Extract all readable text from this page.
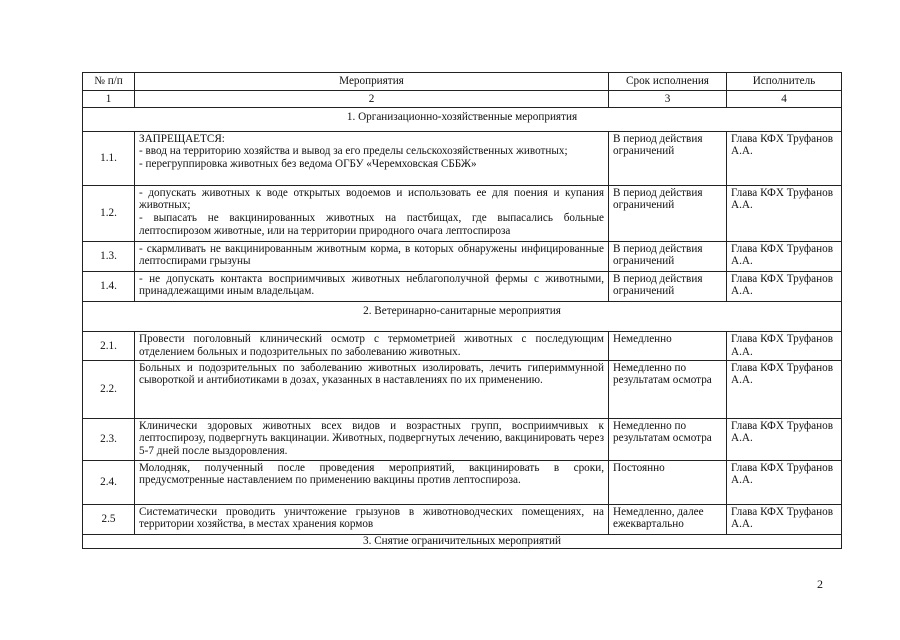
№ п/п	Мероприятия	Срок исполнения	Исполнитель
1	2	3	4
1. Организационно-хозяйственные мероприятия			
1.1.	ЗАПРЕЩАЕТСЯ:
- ввод на территорию хозяйства и вывод за его пределы сельскохозяйственных животных;
- перегруппировка животных без ведома ОГБУ «Черемховская СББЖ»	В период действия ограничений	Глава КФХ Труфанов А.А.
1.2.	- допускать животных к воде открытых водоемов и использовать ее для поения и купания животных;
- выпасать не вакцинированных животных на пастбищах, где выпасались больные лептоспирозом животные, или на территории природного очага лептоспироза	В период действия ограничений	Глава КФХ Труфанов А.А.
1.3.	- скармливать не вакцинированным животным корма, в которых обнаружены инфицированные лептоспирами грызуны	В период действия ограничений	Глава КФХ Труфанов А.А.
1.4.	- не допускать контакта восприимчивых животных неблагополучной фермы с животными, принадлежащими иным владельцам.	В период действия ограничений	Глава КФХ Труфанов А.А.
2. Ветеринарно-санитарные мероприятия			
2.1.	Провести поголовный клинический осмотр с термометрией животных с последующим отделением больных и подозрительных по заболеванию животных.	Немедленно	Глава КФХ Труфанов А.А.
2.2.	Больных и подозрительных по заболеванию животных изолировать, лечить гипериммунной сывороткой и антибиотиками в дозах, указанных в наставлениях по их применению.	Немедленно по результатам осмотра	Глава КФХ Труфанов А.А.
2.3.	Клинически здоровых животных всех видов и возрастных групп, восприимчивых к лептоспирозу, подвергнуть вакцинации. Животных, подвергнутых лечению, вакцинировать через 5-7 дней после выздоровления.	Немедленно по результатам осмотра	Глава КФХ Труфанов А.А.
2.4.	Молодняк, полученный после проведения мероприятий, вакцинировать в сроки, предусмотренные наставлением по применению вакцины против лептоспироза.	Постоянно	Глава КФХ Труфанов А.А.
2.5	Систематически проводить уничтожение грызунов в животноводческих помещениях, на территории хозяйства, в местах хранения кормов	Немедленно, далее ежеквартально	Глава КФХ Труфанов А.А.
3. Снятие ограничительных мероприятий			
2
